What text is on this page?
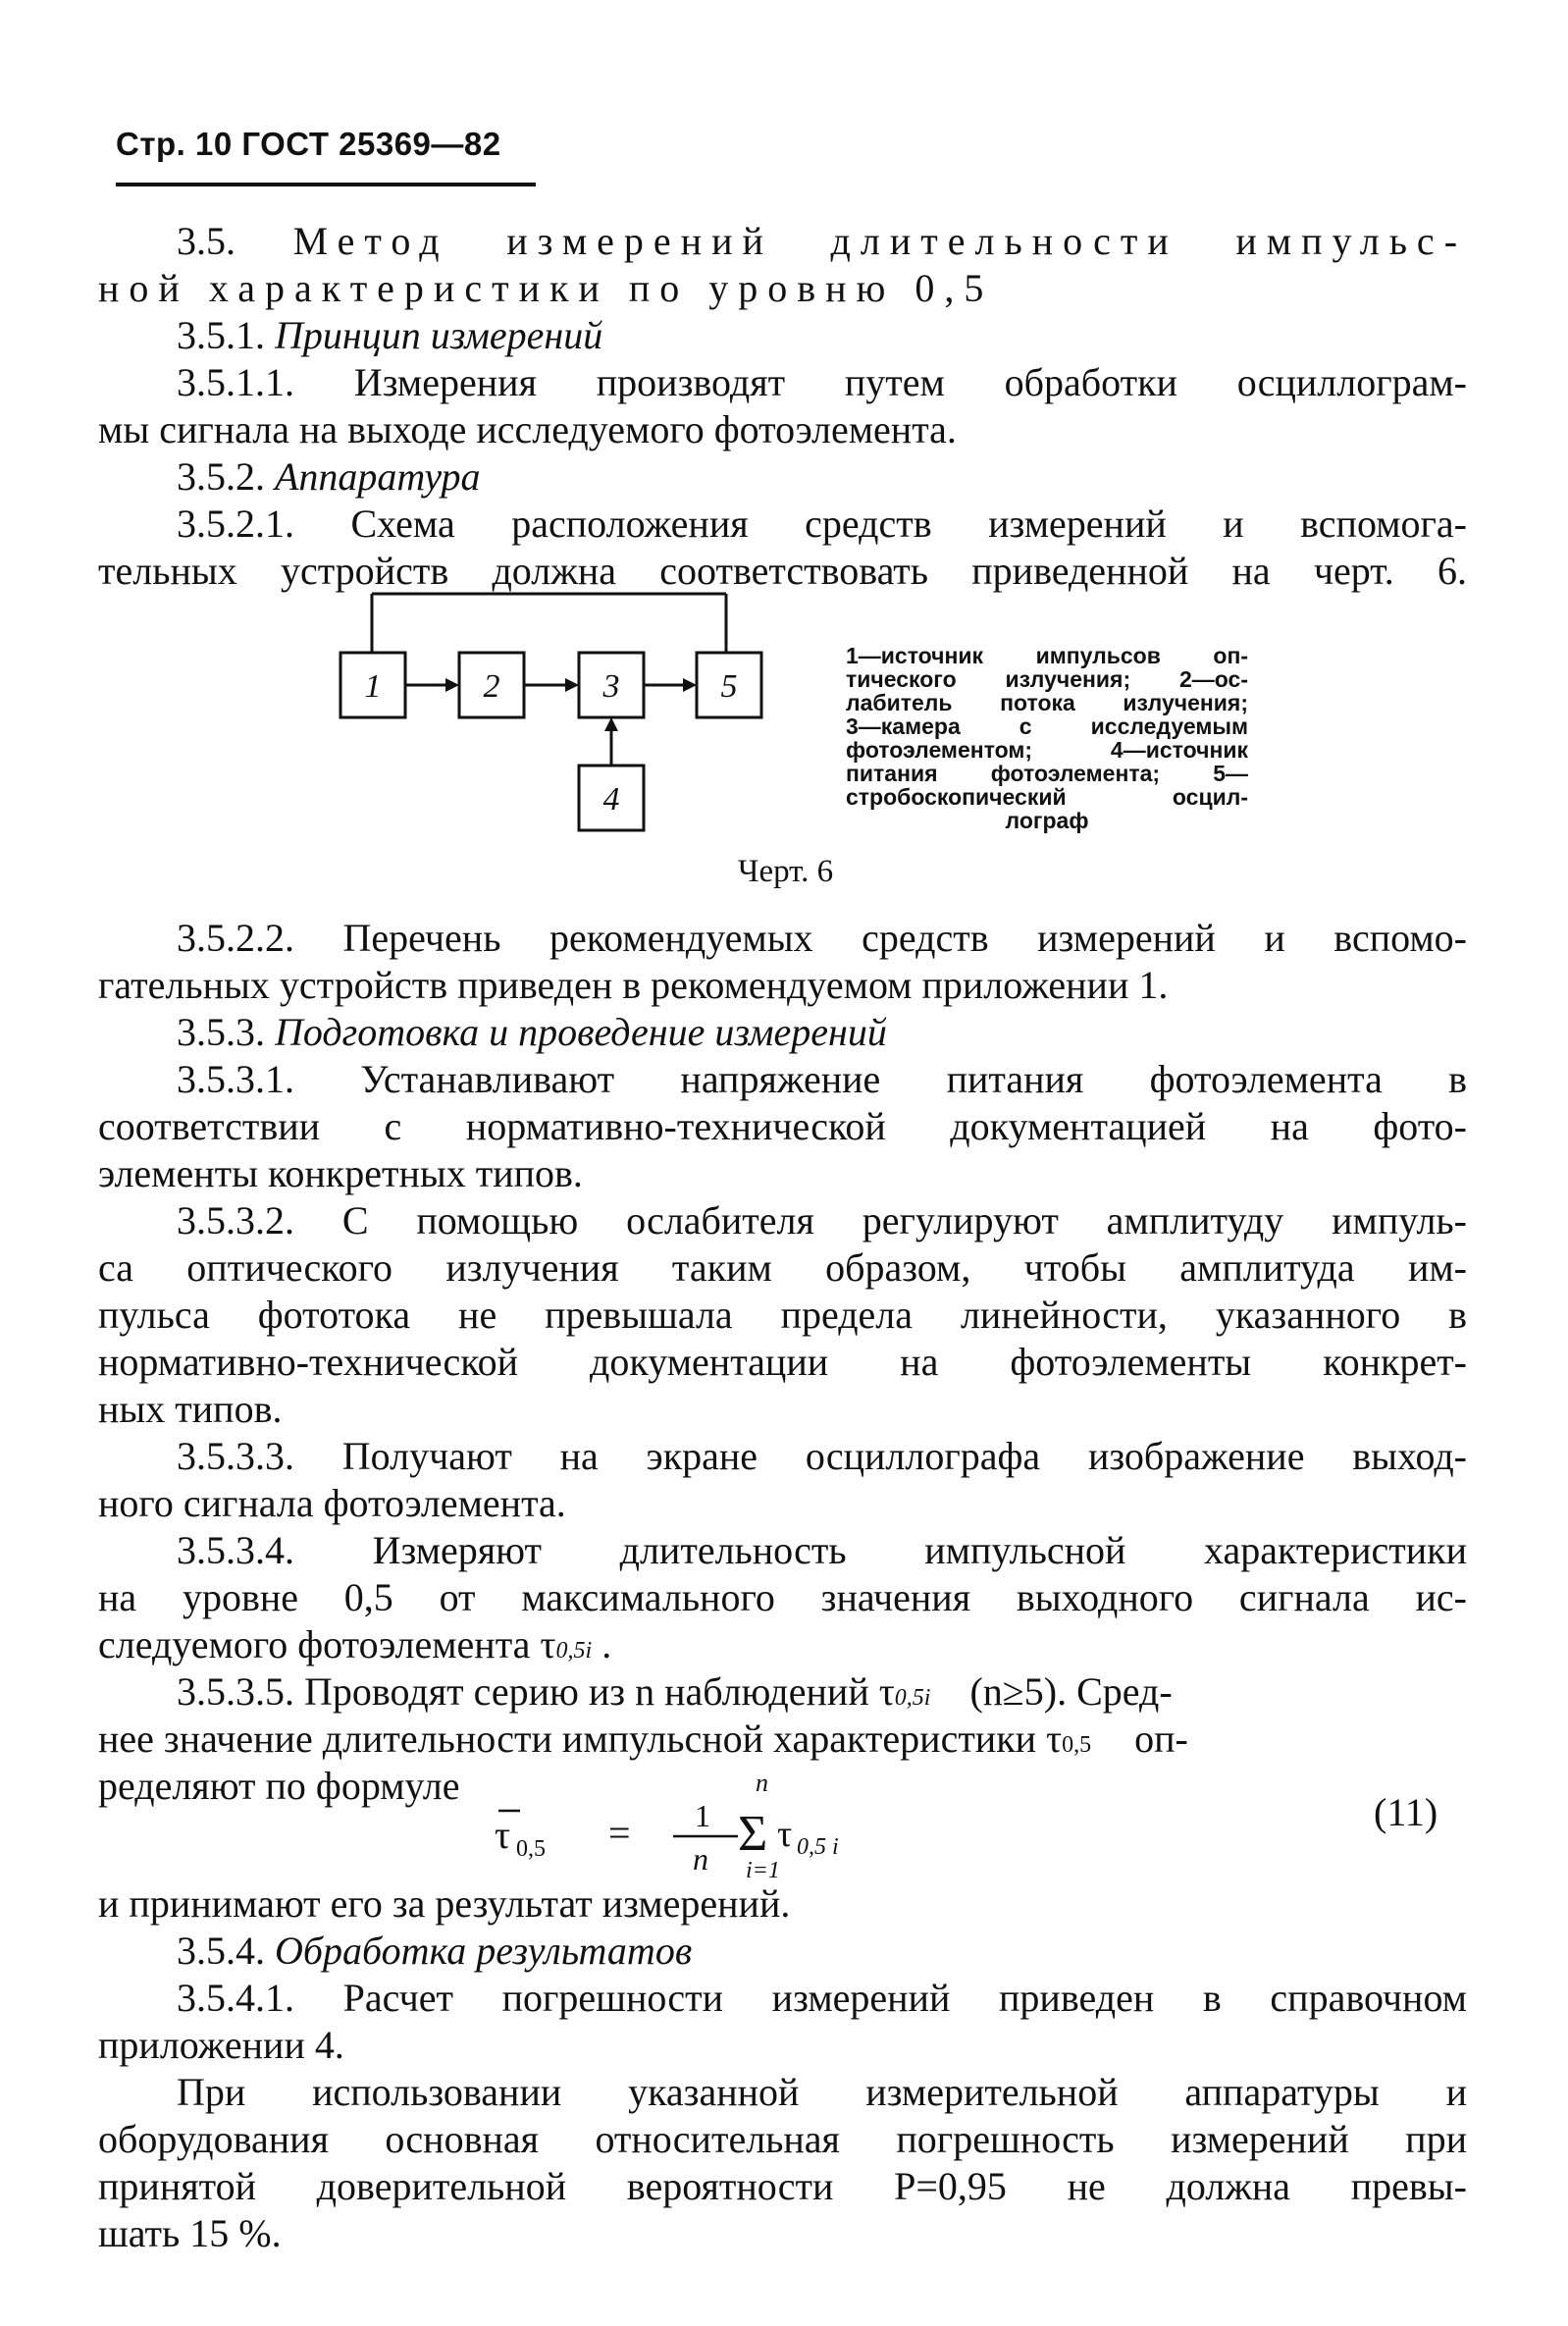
Стр. 10 ГОСТ 25369—82

3.5. Метод измерений длительности импульс-

ной характеристики по уровню 0,5

3.5.1. Принцип измерений

3.5.1.1. Измерения производят путем обработки осциллограм-

мы сигнала на выходе исследуемого фотоэлемента.

3.5.2. Аппаратура

3.5.2.1. Схема расположения средств измерений и вспомога-

тельных устройств должна соответствовать приведенной на черт. 6.

1	2	3	5
4
1—источник импульсов оп-
тического излучения; 2—ос-
лабитель потока излучения;
3—камера с исследуемым
фотоэлементом; 4—источник
питания фотоэлемента; 5—
стробоскопический осцил-
лограф
Черт. 6

3.5.2.2. Перечень рекомендуемых средств измерений и вспомо-

гательных устройств приведен в рекомендуемом приложении 1.

3.5.3. Подготовка и проведение измерений

3.5.3.1. Устанавливают напряжение питания фотоэлемента в

соответствии с нормативно-технической документацией на фото-

элементы конкретных типов.

3.5.3.2. С помощью ослабителя регулируют амплитуду импуль-

са оптического излучения таким образом, чтобы амплитуда им-

пульса фототока не превышала предела линейности, указанного в

нормативно-технической документации на фотоэлементы конкрет-

ных типов.

3.5.3.3. Получают на экране осциллографа изображение выход-

ного сигнала фотоэлемента.

3.5.3.4. Измеряют длительность импульсной характеристики

на уровне 0,5 от максимального значения выходного сигнала ис-

следуемого фотоэлемента τ0,5i .

3.5.3.5. Проводят серию из n наблюдений τ0,5i (n≥5). Сред-

нее значение длительности импульсной характеристики τ0,5 оп-

ределяют по формуле

τ 0,5 = 1
n
n
Σ
i=1
τ 0,5 i
(11)

и принимают его за результат измерений.

3.5.4. Обработка результатов

3.5.4.1. Расчет погрешности измерений приведен в справочном

приложении 4.

При использовании указанной измерительной аппаратуры и

оборудования основная относительная погрешность измерений при

принятой доверительной вероятности P=0,95 не должна превы-

шать 15 %.
